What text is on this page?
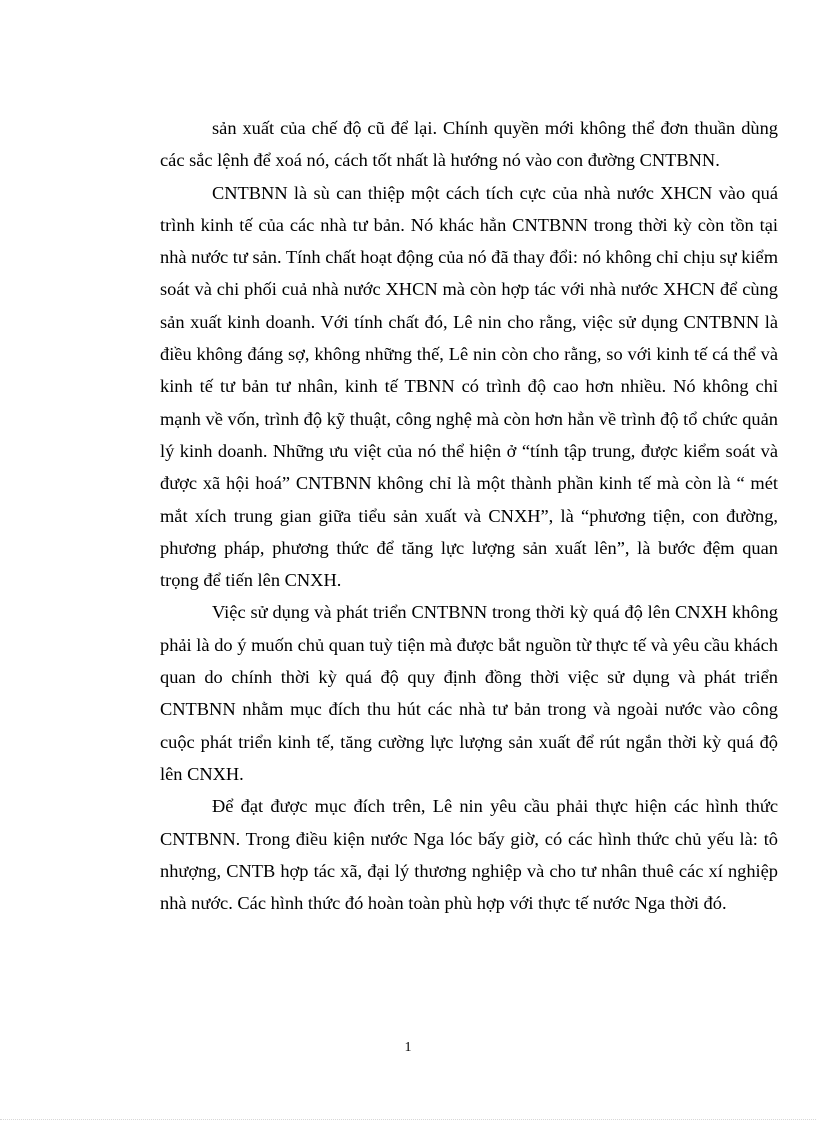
sản xuất của chế độ cũ để lại. Chính quyền mới không thể đơn thuần dùng các sắc lệnh để xoá nó, cách tốt nhất là hướng nó vào con đường CNTBNN.

CNTBNN là sù can thiệp một cách tích cực của nhà nước XHCN vào quá trình kinh tế của các nhà tư bản. Nó khác hẳn CNTBNN trong thời kỳ còn tồn tại nhà nước tư sản. Tính chất hoạt động của nó đã thay đổi: nó không chỉ chịu sự kiểm soát và chi phối cuả nhà nước XHCN mà còn hợp tác với nhà nước XHCN để cùng sản xuất kinh doanh. Với tính chất đó, Lê nin cho rằng, việc sử dụng CNTBNN là điều không đáng sợ, không những thế, Lê nin còn cho rằng, so với kinh tế cá thể và kinh tế tư bản tư nhân, kinh tế TBNN có trình độ cao hơn nhiều. Nó không chỉ mạnh về vốn, trình độ kỹ thuật, công nghệ mà còn hơn hẳn về trình độ tổ chức quản lý kinh doanh. Những ưu việt của nó thể hiện ở “tính tập trung, được kiểm soát và được xã hội hoá” CNTBNN không chỉ là một thành phần kinh tế mà còn là “ mét mắt xích trung gian giữa tiểu sản xuất và CNXH”, là “phương tiện, con đường, phương pháp, phương thức để tăng lực lượng sản xuất lên”, là bước đệm quan trọng để tiến lên CNXH.

Việc sử dụng và phát triển CNTBNN trong thời kỳ quá độ lên CNXH không phải là do ý muốn chủ quan tuỳ tiện mà được bắt nguồn từ thực tế và yêu cầu khách quan do chính thời kỳ quá độ quy định đồng thời việc sử dụng và phát triển CNTBNN nhằm mục đích thu hút các nhà tư bản trong và ngoài nước vào công cuộc phát triển kinh tế, tăng cường lực lượng sản xuất để rút ngắn thời kỳ quá độ lên CNXH.

Để đạt được mục đích trên, Lê nin yêu cầu phải thực hiện các hình thức CNTBNN. Trong điều kiện nước Nga lóc bấy giờ, có các hình thức chủ yếu là: tô nhượng, CNTB hợp tác xã, đại lý thương nghiệp và cho tư nhân thuê các xí nghiệp nhà nước. Các hình thức đó hoàn toàn phù hợp với thực tế nước Nga thời đó.

1
